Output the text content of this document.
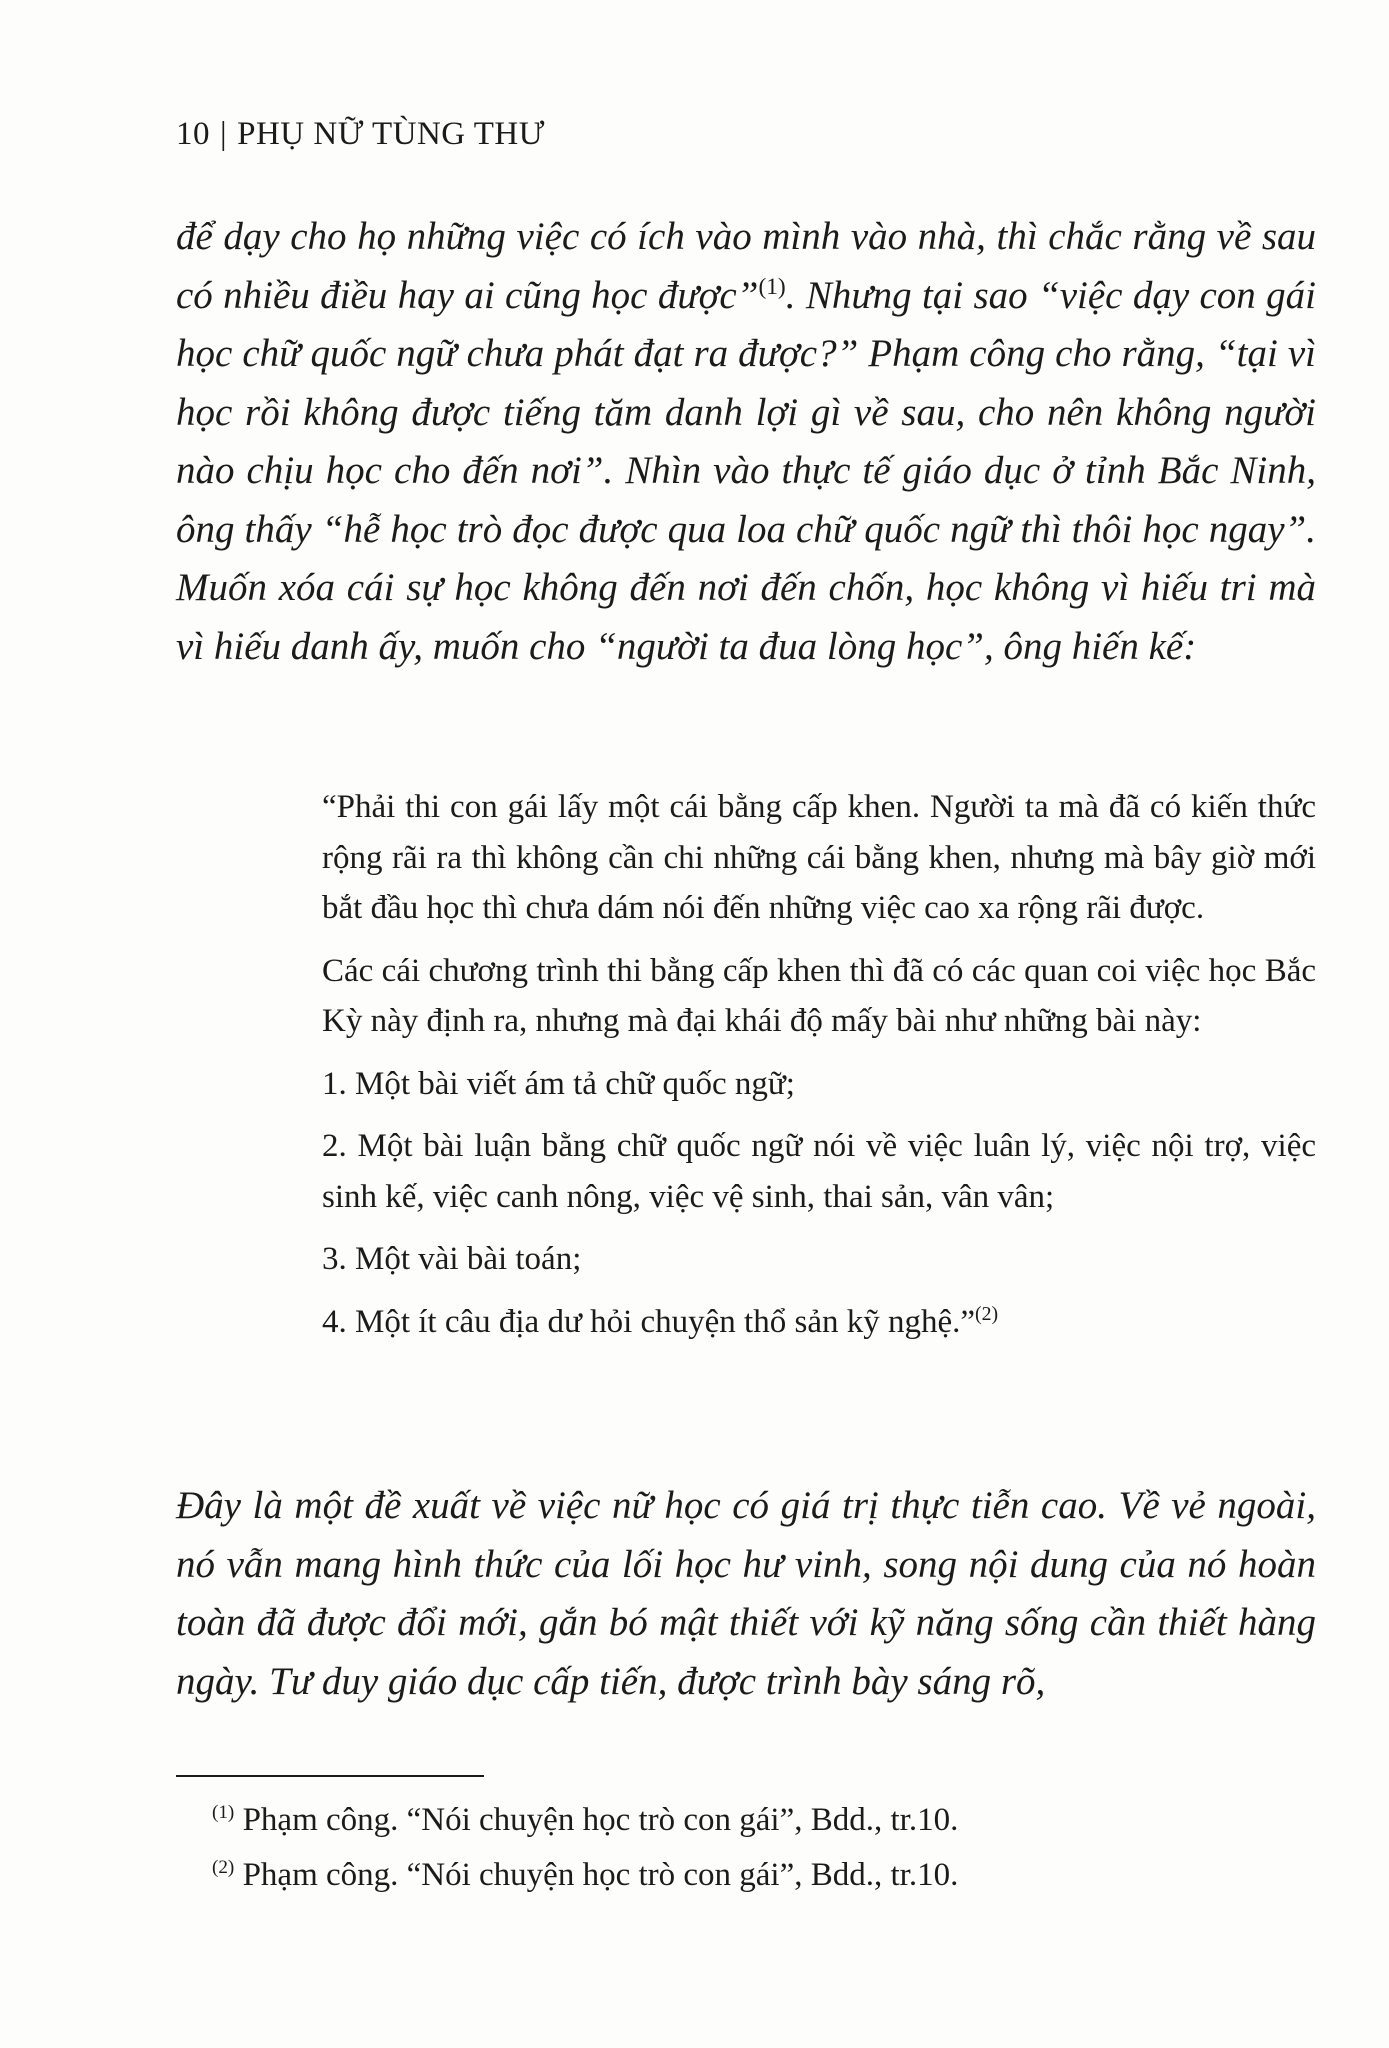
10 | PHỤ NỮ TÙNG THƯ

để dạy cho họ những việc có ích vào mình vào nhà, thì chắc rằng về sau có nhiều điều hay ai cũng học được”$^{(1)}$. Nhưng tại sao “việc dạy con gái học chữ quốc ngữ chưa phát đạt ra được?” Phạm công cho rằng, “tại vì học rồi không được tiếng tăm danh lợi gì về sau, cho nên không người nào chịu học cho đến nơi”. Nhìn vào thực tế giáo dục ở tỉnh Bắc Ninh, ông thấy “hễ học trò đọc được qua loa chữ quốc ngữ thì thôi học ngay”. Muốn xóa cái sự học không đến nơi đến chốn, học không vì hiếu tri mà vì hiếu danh ấy, muốn cho “người ta đua lòng học”, ông hiến kế:

“Phải thi con gái lấy một cái bằng cấp khen. Người ta mà đã có kiến thức rộng rãi ra thì không cần chi những cái bằng khen, nhưng mà bây giờ mới bắt đầu học thì chưa dám nói đến những việc cao xa rộng rãi được.

Các cái chương trình thi bằng cấp khen thì đã có các quan coi việc học Bắc Kỳ này định ra, nhưng mà đại khái độ mấy bài như những bài này:

1. Một bài viết ám tả chữ quốc ngữ;

2. Một bài luận bằng chữ quốc ngữ nói về việc luân lý, việc nội trợ, việc sinh kế, việc canh nông, việc vệ sinh, thai sản, vân vân;

3. Một vài bài toán;

4. Một ít câu địa dư hỏi chuyện thổ sản kỹ nghệ.”$^{(2)}$

Đây là một đề xuất về việc nữ học có giá trị thực tiễn cao. Về vẻ ngoài, nó vẫn mang hình thức của lối học hư vinh, song nội dung của nó hoàn toàn đã được đổi mới, gắn bó mật thiết với kỹ năng sống cần thiết hàng ngày. Tư duy giáo dục cấp tiến, được trình bày sáng rõ,

$^{(1)}$ Phạm công. “Nói chuyện học trò con gái”, Bdd., tr.10.

$^{(2)}$ Phạm công. “Nói chuyện học trò con gái”, Bdd., tr.10.
